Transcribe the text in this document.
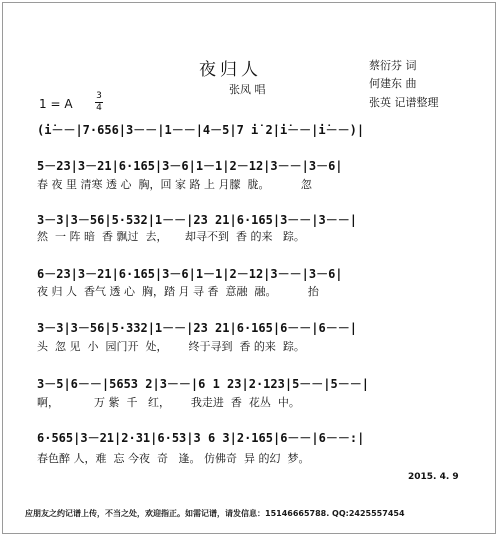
夜归人
张凤 唱
蔡衍芬 词
何建东 曲
张英 记谱整理
1 = A
3
4
(i̇－－|7·656|3－－|1－－|4－5|7 i̇ 2̇|i̇－－|i̇－－)|
5－23|3－21|6·165|3－6|1－1|2－12|3－－|3－6|
春 夜 里 清寒 透 心  胸，回 家 路 上 月朦  胧。         忽
3－3|3－56|5·532|1－－|23 21|6·165|3－－|3－－|
然  一 阵 暗  香 飘过  去，     却寻不到  香 的来   踪。
6－23|3－21|6·165|3－6|1－1|2－12|3－－|3－6|
夜 归 人  香气 透 心  胸，踏 月 寻 香  意融  融。         抬
3－3|3－56|5·332|1－－|23 21|6·165|6－－|6－－|
头  忽 见  小  园门开  处，      终于寻到  香 的来  踪。
3－5|6－－|5653 2|3－－|6 1 23|2·123|5－－|5－－|
啊，          万 紫  千   红，      我走进  香  花丛  中。
6·565|3－21|2·31|6·53|3 6 3|2·165|6－－|6－－:|
春色醉 人，难  忘 今夜  奇   逢。 仿佛奇  异 的幻  梦。
2015. 4. 9
应朋友之约记谱上传，不当之处，欢迎指正。如需记谱，请发信息：15146665788. QQ:2425557454
